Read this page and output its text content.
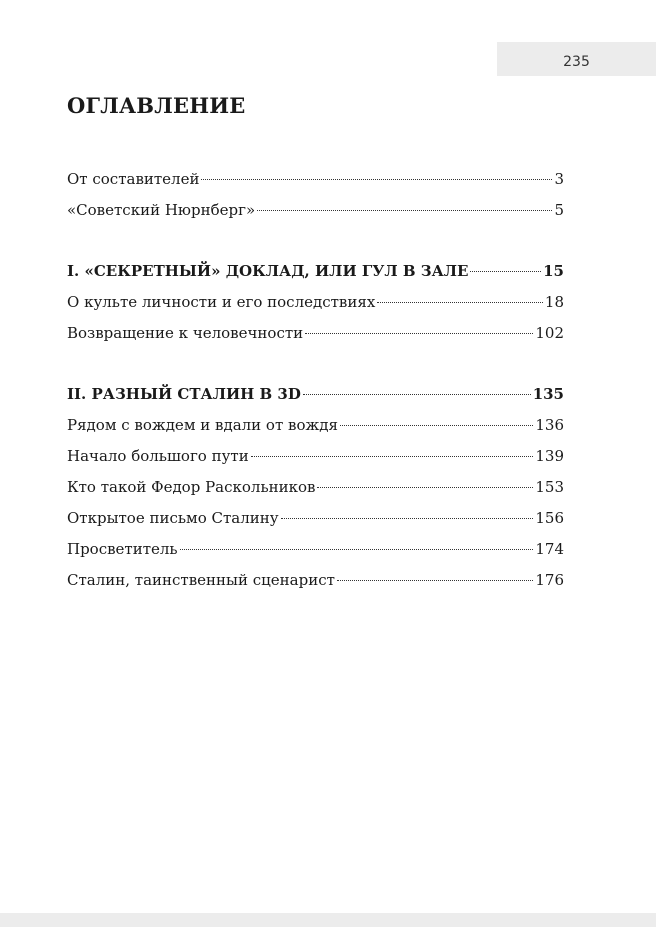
235
ОГЛАВЛЕНИЕ
От составителей	3
«Советский Нюрнберг»	5
I. «СЕКРЕТНЫЙ» ДОКЛАД, ИЛИ ГУЛ В ЗАЛЕ	15
О культе личности и его последствиях	18
Возвращение к человечности	102
II. РАЗНЫЙ СТАЛИН В 3D	135
Рядом с вождем и вдали от вождя	136
Начало большого пути	139
Кто такой Федор Раскольников	153
Открытое письмо Сталину	156
Просветитель	174
Сталин, таинственный сценарист	176
